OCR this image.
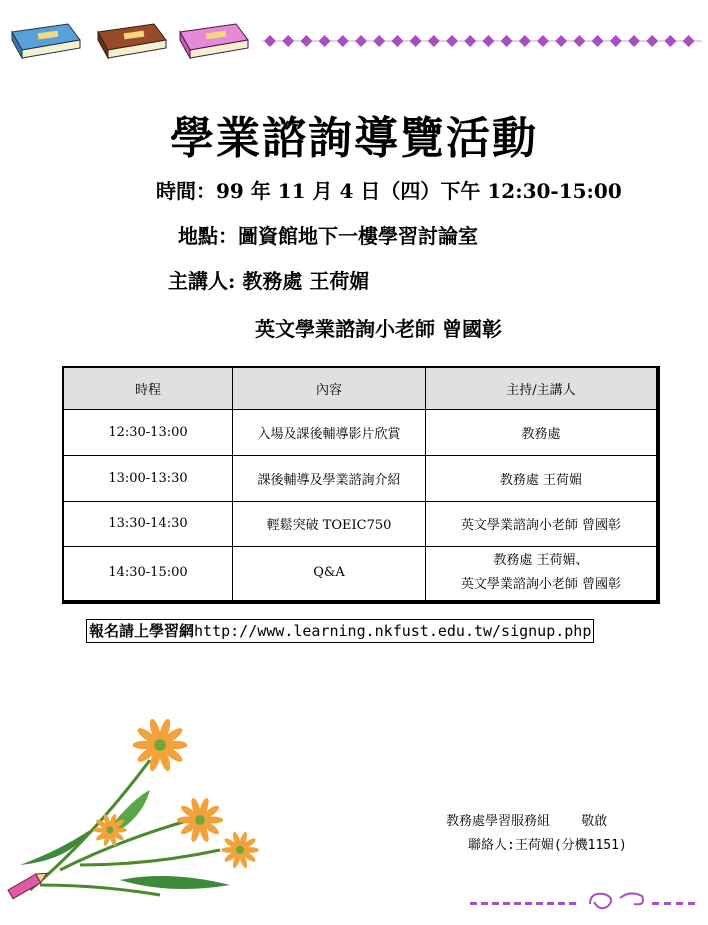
學業諮詢導覽活動
時間：99 年 11 月 4 日（四）下午 12:30-15:00
地點：圖資館地下一樓學習討論室
主講人: 教務處 王荷媚
英文學業諮詢小老師 曾國彰
時程	內容	主持/主講人
12:30-13:00	入場及課後輔導影片欣賞	教務處
13:00-13:30	課後輔導及學業諮詢介紹	教務處 王荷媚
13:30-14:30	輕鬆突破 TOEIC750	英文學業諮詢小老師 曾國彰
14:30-15:00	Q&A	教務處 王荷媚、
英文學業諮詢小老師 曾國彰
報名請上學習網http://www.learning.nkfust.edu.tw/signup.php
教務處學習服務組    敬啟
聯絡人:王荷媚(分機1151)
